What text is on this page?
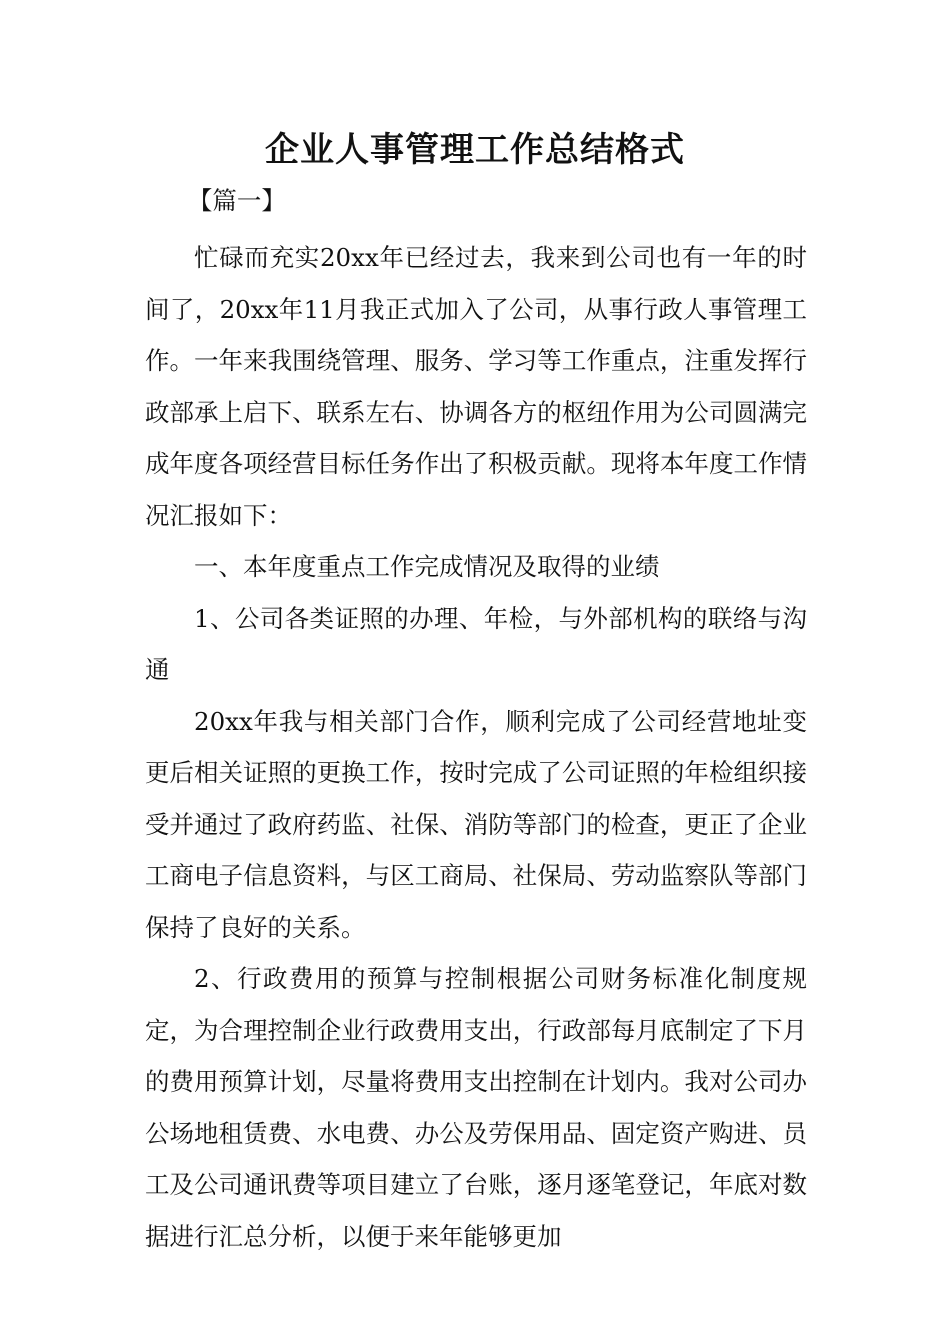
企业人事管理工作总结格式

【篇一】

忙碌而充实20xx年已经过去，我来到公司也有一年的时间了，20xx年11月我正式加入了公司，从事行政人事管理工作。一年来我围绕管理、服务、学习等工作重点，注重发挥行政部承上启下、联系左右、协调各方的枢纽作用为公司圆满完成年度各项经营目标任务作出了积极贡献。现将本年度工作情况汇报如下：

一、本年度重点工作完成情况及取得的业绩

1、公司各类证照的办理、年检，与外部机构的联络与沟通

20xx年我与相关部门合作，顺利完成了公司经营地址变更后相关证照的更换工作，按时完成了公司证照的年检组织接受并通过了政府药监、社保、消防等部门的检查，更正了企业工商电子信息资料，与区工商局、社保局、劳动监察队等部门保持了良好的关系。

2、行政费用的预算与控制根据公司财务标准化制度规定，为合理控制企业行政费用支出，行政部每月底制定了下月的费用预算计划，尽量将费用支出控制在计划内。我对公司办公场地租赁费、水电费、办公及劳保用品、固定资产购进、员工及公司通讯费等项目建立了台账，逐月逐笔登记，年底对数据进行汇总分析，以便于来年能够更加
